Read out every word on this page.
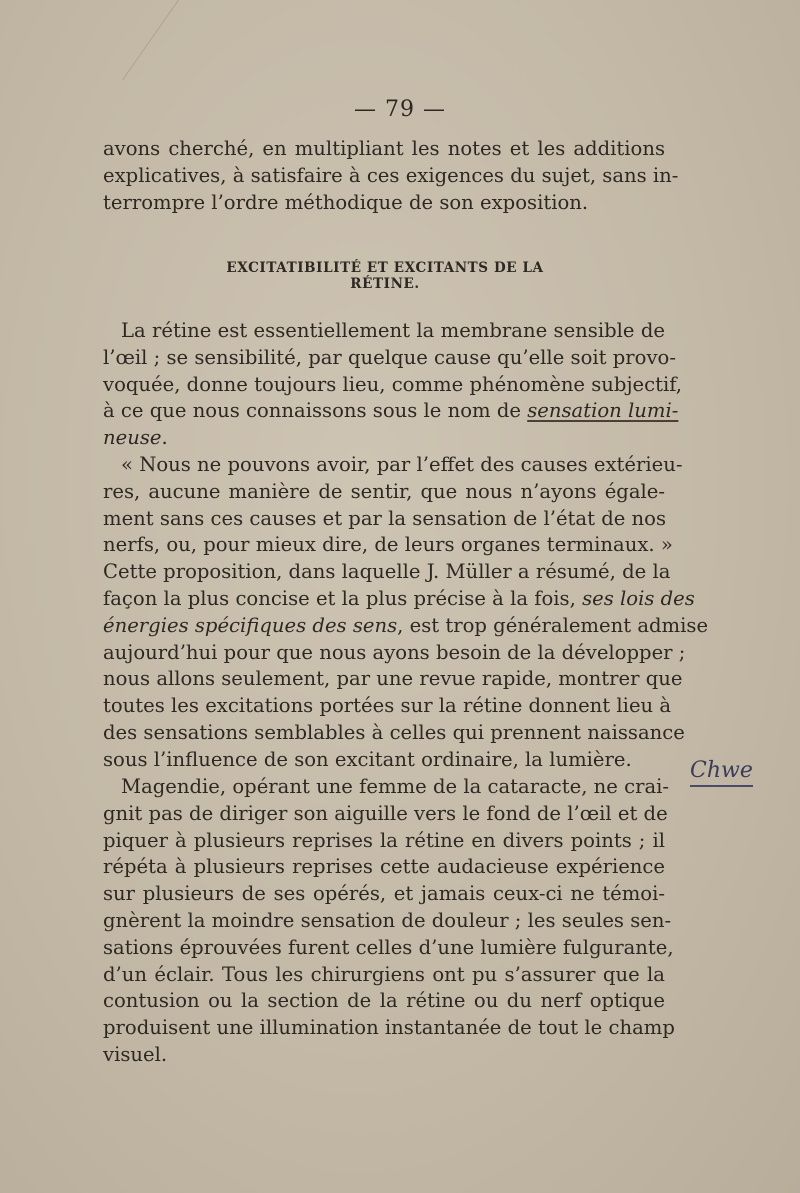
— 79 —
avons cherché, en multipliant les notes et les additions
explicatives, à satisfaire à ces exigences du sujet, sans in-
terrompre l’ordre méthodique de son exposition.
EXCITATIBILITÉ ET EXCITANTS DE LA RÉTINE.
La rétine est essentiellement la membrane sensible de
l’œil ; se sensibilité, par quelque cause qu’elle soit provo-
voquée, donne toujours lieu, comme phénomène subjectif,
à ce que nous connaissons sous le nom de sensation lumi-
neuse.
« Nous ne pouvons avoir, par l’effet des causes extérieu-
res, aucune manière de sentir, que nous n’ayons égale-
ment sans ces causes et par la sensation de l’état de nos
nerfs, ou, pour mieux dire, de leurs organes terminaux. »
Cette proposition, dans laquelle J. Müller a résumé, de la
façon la plus concise et la plus précise à la fois, ses lois des
énergies spécifiques des sens, est trop généralement admise
aujourd’hui pour que nous ayons besoin de la développer ;
nous allons seulement, par une revue rapide, montrer que
toutes les excitations portées sur la rétine donnent lieu à
des sensations semblables à celles qui prennent naissance
sous l’influence de son excitant ordinaire, la lumière.
Magendie, opérant une femme de la cataracte, ne crai-
gnit pas de diriger son aiguille vers le fond de l’œil et de
piquer à plusieurs reprises la rétine en divers points ; il
répéta à plusieurs reprises cette audacieuse expérience
sur plusieurs de ses opérés, et jamais ceux-ci ne témoi-
gnèrent la moindre sensation de douleur ; les seules sen-
sations éprouvées furent celles d’une lumière fulgurante,
d’un éclair. Tous les chirurgiens ont pu s’assurer que la
contusion ou la section de la rétine ou du nerf optique
produisent une illumination instantanée de tout le champ
visuel.
Chwe
